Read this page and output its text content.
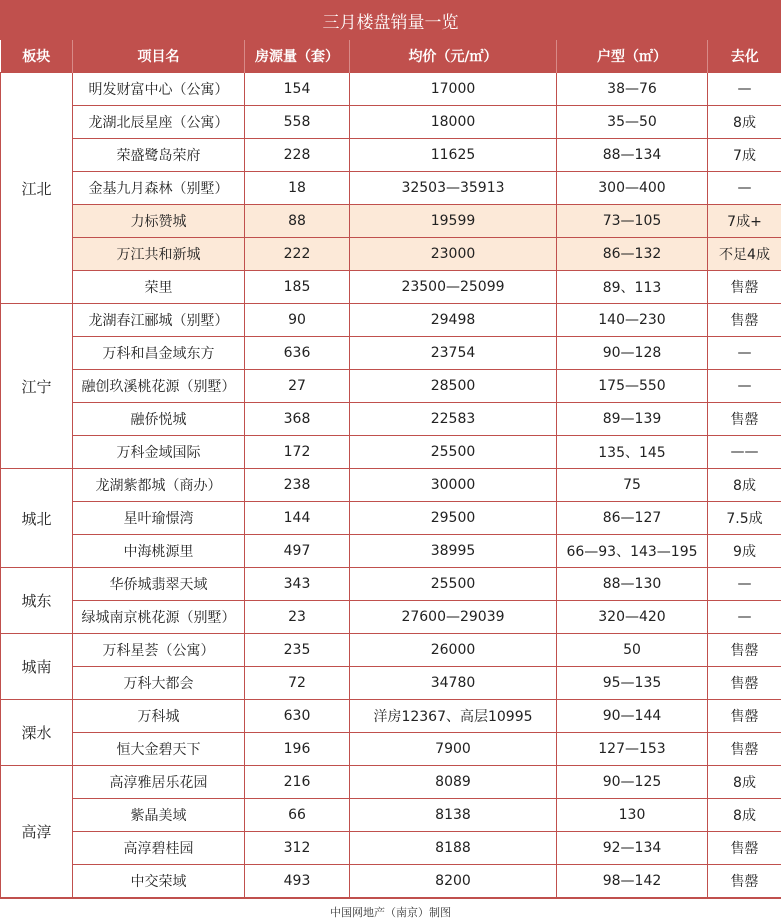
三月楼盘销量一览
板块	项目名	房源量（套）	均价（元/㎡）	户型（㎡）	去化
江北	明发财富中心（公寓）	154	17000	38—76	—
	龙湖北辰星座（公寓）	558	18000	35—50	8成
	荣盛鹭岛荣府	228	11625	88—134	7成
	金基九月森林（别墅）	18	32503—35913	300—400	—
	力标赞城	88	19599	73—105	7成+
	万江共和新城	222	23000	86—132	不足4成
	荣里	185	23500—25099	89、113	售罄
江宁	龙湖春江郦城（别墅）	90	29498	140—230	售罄
	万科和昌金域东方	636	23754	90—128	—
	融创玖溪桃花源（别墅）	27	28500	175—550	—
	融侨悦城	368	22583	89—139	售罄
	万科金域国际	172	25500	135、145	——
城北	龙湖紫都城（商办）	238	30000	75	8成
	星叶瑜憬湾	144	29500	86—127	7.5成
	中海桃源里	497	38995	66—93、143—195	9成
城东	华侨城翡翠天域	343	25500	88—130	—
	绿城南京桃花源（别墅）	23	27600—29039	320—420	—
城南	万科星荟（公寓）	235	26000	50	售罄
	万科大都会	72	34780	95—135	售罄
溧水	万科城	630	洋房12367、高层10995	90—144	售罄
	恒大金碧天下	196	7900	127—153	售罄
高淳	高淳雅居乐花园	216	8089	90—125	8成
	紫晶美域	66	8138	130	8成
	高淳碧桂园	312	8188	92—134	售罄
	中交荣域	493	8200	98—142	售罄
中国网地产（南京）制图
